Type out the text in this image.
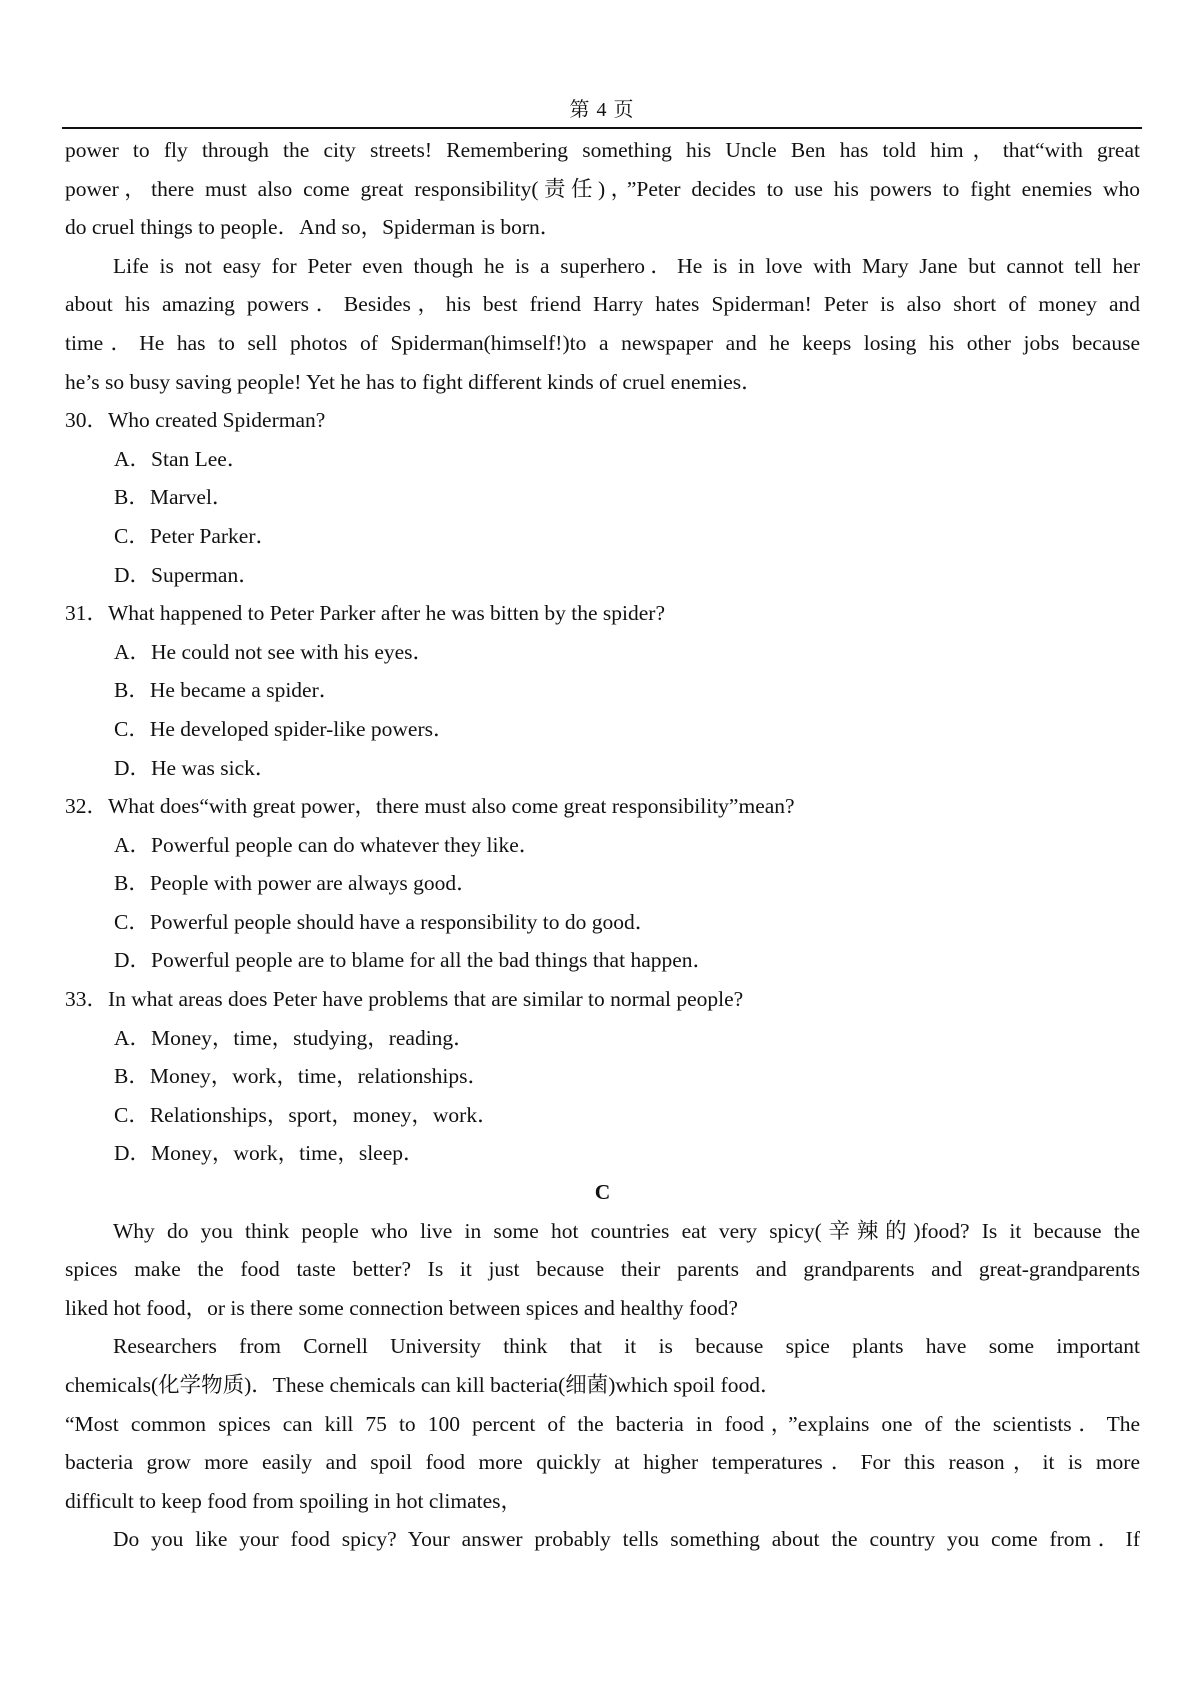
第 4 页
power to fly through the city streets! Remembering something his Uncle Ben has told him，that“with great
power，there must also come great responsibility(责任)，”Peter decides to use his powers to fight enemies who
do cruel things to people．And so，Spiderman is born．
Life is not easy for Peter even though he is a superhero．He is in love with Mary Jane but cannot tell her
about his amazing powers．Besides，his best friend Harry hates Spiderman! Peter is also short of money and
time．He has to sell photos of Spiderman(himself!)to a newspaper and he keeps losing his other jobs because
he’s so busy saving people! Yet he has to fight different kinds of cruel enemies．
30．Who created Spiderman?
A．Stan Lee．
B．Marvel．
C．Peter Parker．
D．Superman．
31．What happened to Peter Parker after he was bitten by the spider?
A．He could not see with his eyes．
B．He became a spider．
C．He developed spider-like powers．
D．He was sick．
32．What does“with great power，there must also come great responsibility”mean?
A．Powerful people can do whatever they like．
B．People with power are always good．
C．Powerful people should have a responsibility to do good．
D．Powerful people are to blame for all the bad things that happen．
33．In what areas does Peter have problems that are similar to normal people?
A．Money，time，studying，reading．
B．Money，work，time，relationships．
C．Relationships，sport，money，work．
D．Money，work，time，sleep．
C
Why do you think people who live in some hot countries eat very spicy(辛辣的)food? Is it because the
spices make the food taste better? Is it just because their parents and grandparents and great-grandparents
liked hot food，or is there some connection between spices and healthy food?
Researchers from Cornell University think that it is because spice plants have some important
chemicals(化学物质)．These chemicals can kill bacteria(细菌)which spoil food．
“Most common spices can kill 75 to 100 percent of the bacteria in food，”explains one of the scientists．The
bacteria grow more easily and spoil food more quickly at higher temperatures．For this reason，it is more
difficult to keep food from spoiling in hot climates，
Do you like your food spicy? Your answer probably tells something about the country you come from．If
